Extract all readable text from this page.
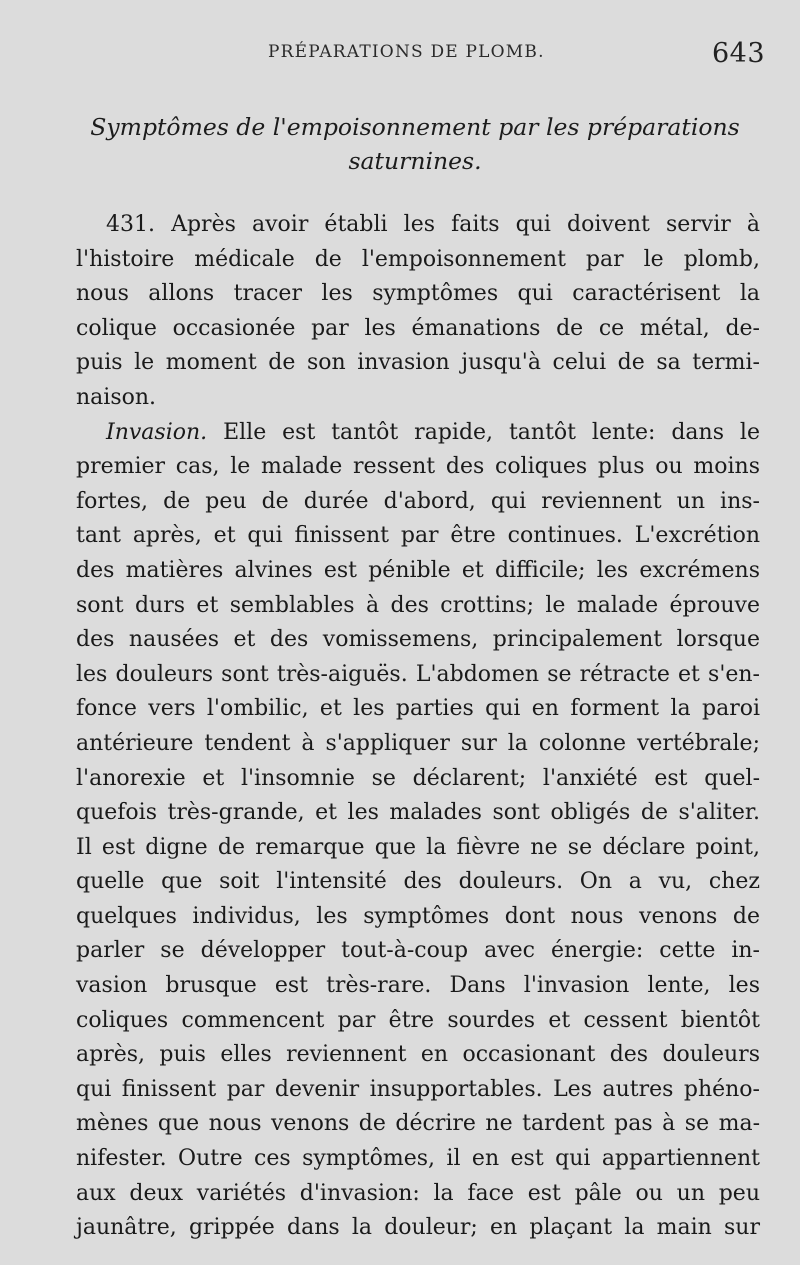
PRÉPARATIONS DE PLOMB.	643
Symptômes de l'empoisonnement par les préparations
saturnines.
431. Après avoir établi les faits qui doivent servir à
l'histoire médicale de l'empoisonnement par le plomb,
nous allons tracer les symptômes qui caractérisent la
colique occasionée par les émanations de ce métal, de-
puis le moment de son invasion jusqu'à celui de sa termi-
naison.
Invasion. Elle est tantôt rapide, tantôt lente: dans le
premier cas, le malade ressent des coliques plus ou moins
fortes, de peu de durée d'abord, qui reviennent un ins-
tant après, et qui finissent par être continues. L'excrétion
des matières alvines est pénible et difficile; les excrémens
sont durs et semblables à des crottins; le malade éprouve
des nausées et des vomissemens, principalement lorsque
les douleurs sont très-aiguës. L'abdomen se rétracte et s'en-
fonce vers l'ombilic, et les parties qui en forment la paroi
antérieure tendent à s'appliquer sur la colonne vertébrale;
l'anorexie et l'insomnie se déclarent; l'anxiété est quel-
quefois très-grande, et les malades sont obligés de s'aliter.
Il est digne de remarque que la fièvre ne se déclare point,
quelle que soit l'intensité des douleurs. On a vu, chez
quelques individus, les symptômes dont nous venons de
parler se développer tout-à-coup avec énergie: cette in-
vasion brusque est très-rare. Dans l'invasion lente, les
coliques commencent par être sourdes et cessent bientôt
après, puis elles reviennent en occasionant des douleurs
qui finissent par devenir insupportables. Les autres phéno-
mènes que nous venons de décrire ne tardent pas à se ma-
nifester. Outre ces symptômes, il en est qui appartiennent
aux deux variétés d'invasion: la face est pâle ou un peu
jaunâtre, grippée dans la douleur; en plaçant la main sur
